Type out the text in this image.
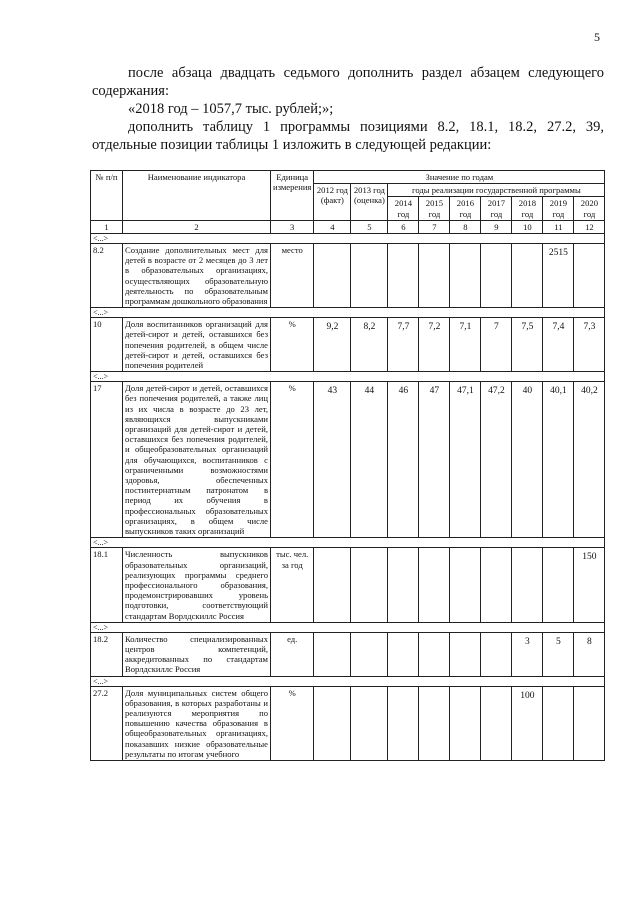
5

после абзаца двадцать седьмого дополнить раздел абзацем следующего содержания:

«2018 год – 1057,7 тыс. рублей;»;

дополнить таблицу 1 программы позициями 8.2, 18.1, 18.2, 27.2, 39, отдельные позиции таблицы 1 изложить в следующей редакции:

№ п/п	Наименование индикатора	Единица измерения	Значение по годам								
			2012 год (факт)	2013 год (оценка)	годы реализации государственной программы						
					2014 год	2015 год	2016 год	2017 год	2018 год	2019 год	2020 год
1	2	3	4	5	6	7	8	9	10	11	12
<...>											
8.2	Создание дополнительных мест для детей в возрасте от 2 месяцев до 3 лет в образовательных организациях, осуществляющих образовательную деятельность по образовательным программам дошкольного образования	место								2515	
<...>											
10	Доля воспитанников организаций для детей-сирот и детей, оставшихся без попечения родителей, в общем числе детей-сирот и детей, оставшихся без попечения родителей	%	9,2	8,2	7,7	7,2	7,1	7	7,5	7,4	7,3
<...>											
17	Доля детей-сирот и детей, оставшихся без попечения родителей, а также лиц из их числа в возрасте до 23 лет, являющихся выпускниками организаций для детей-сирот и детей, оставшихся без попечения родителей, и общеобразовательных организаций для обучающихся, воспитанников с ограниченными возможностями здоровья, обеспеченных постинтернатным патронатом в период их обучения в профессиональных образовательных организациях, в общем числе выпускников таких организаций	%	43	44	46	47	47,1	47,2	40	40,1	40,2
<...>											
18.1	Численность выпускников образовательных организаций, реализующих программы среднего профессионального образования, продемонстрировавших уровень подготовки, соответствующий стандартам Ворлдскиллс Россия	тыс. чел. за год									150
<...>											
18.2	Количество специализированных центров компетенций, аккредитованных по стандартам Ворлдскиллс Россия	ед.							3	5	8
<...>											
27.2	Доля муниципальных систем общего образования, в которых разработаны и реализуются мероприятия по повышению качества образования в общеобразовательных организациях, показавших низкие образовательные результаты по итогам учебного	%							100		
